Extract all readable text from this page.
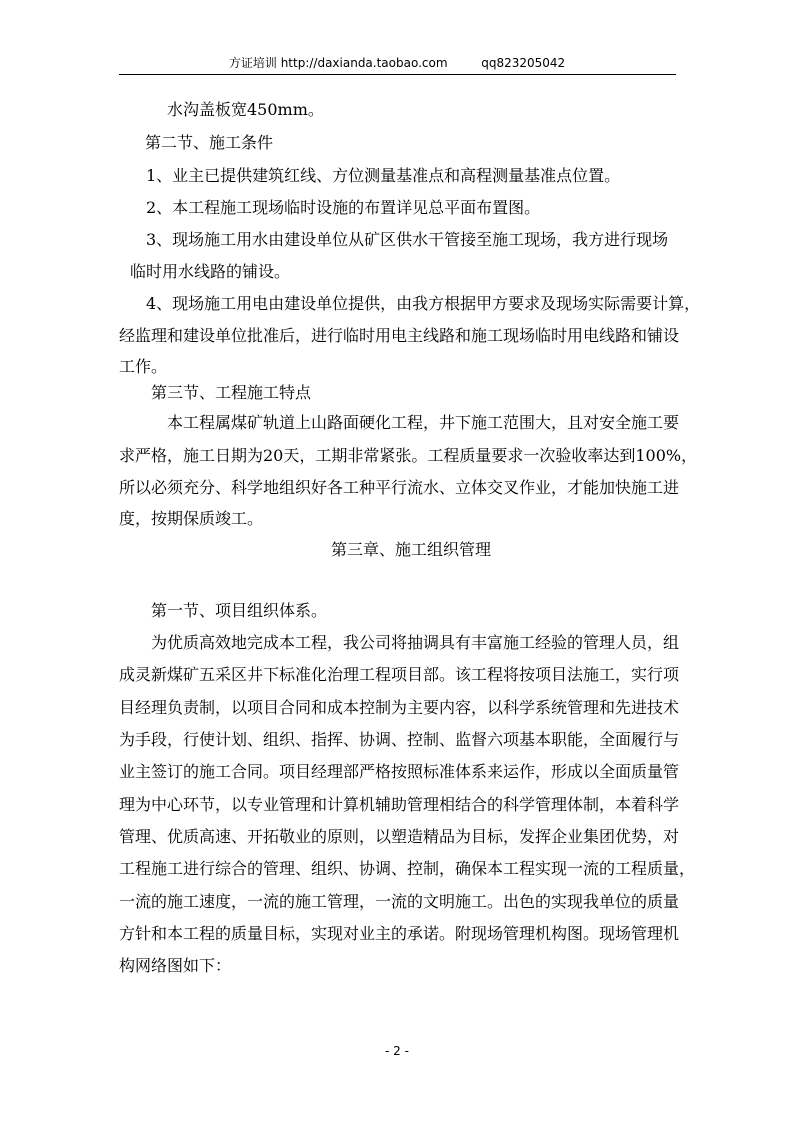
方证培训 http://daxianda.taobao.com	qq823205042
水沟盖板宽450mm。
第二节、施工条件
1、业主已提供建筑红线、方位测量基准点和高程测量基准点位置。
2、本工程施工现场临时设施的布置详见总平面布置图。
3、现场施工用水由建设单位从矿区供水干管接至施工现场，我方进行现场
临时用水线路的铺设。
4、现场施工用电由建设单位提供，由我方根据甲方要求及现场实际需要计算，
经监理和建设单位批准后，进行临时用电主线路和施工现场临时用电线路和铺设
工作。
第三节、工程施工特点
本工程属煤矿轨道上山路面硬化工程，井下施工范围大，且对安全施工要
求严格，施工日期为20天，工期非常紧张。工程质量要求一次验收率达到100%，
所以必须充分、科学地组织好各工种平行流水、立体交叉作业，才能加快施工进
度，按期保质竣工。
第三章、施工组织管理
第一节、项目组织体系。
为优质高效地完成本工程，我公司将抽调具有丰富施工经验的管理人员，组
成灵新煤矿五采区井下标准化治理工程项目部。该工程将按项目法施工，实行项
目经理负责制，以项目合同和成本控制为主要内容，以科学系统管理和先进技术
为手段，行使计划、组织、指挥、协调、控制、监督六项基本职能，全面履行与
业主签订的施工合同。项目经理部严格按照标准体系来运作，形成以全面质量管
理为中心环节，以专业管理和计算机辅助管理相结合的科学管理体制，本着科学
管理、优质高速、开拓敬业的原则，以塑造精品为目标，发挥企业集团优势，对
工程施工进行综合的管理、组织、协调、控制，确保本工程实现一流的工程质量，
一流的施工速度，一流的施工管理，一流的文明施工。出色的实现我单位的质量
方针和本工程的质量目标，实现对业主的承诺。附现场管理机构图。现场管理机
构网络图如下：
- 2 -
